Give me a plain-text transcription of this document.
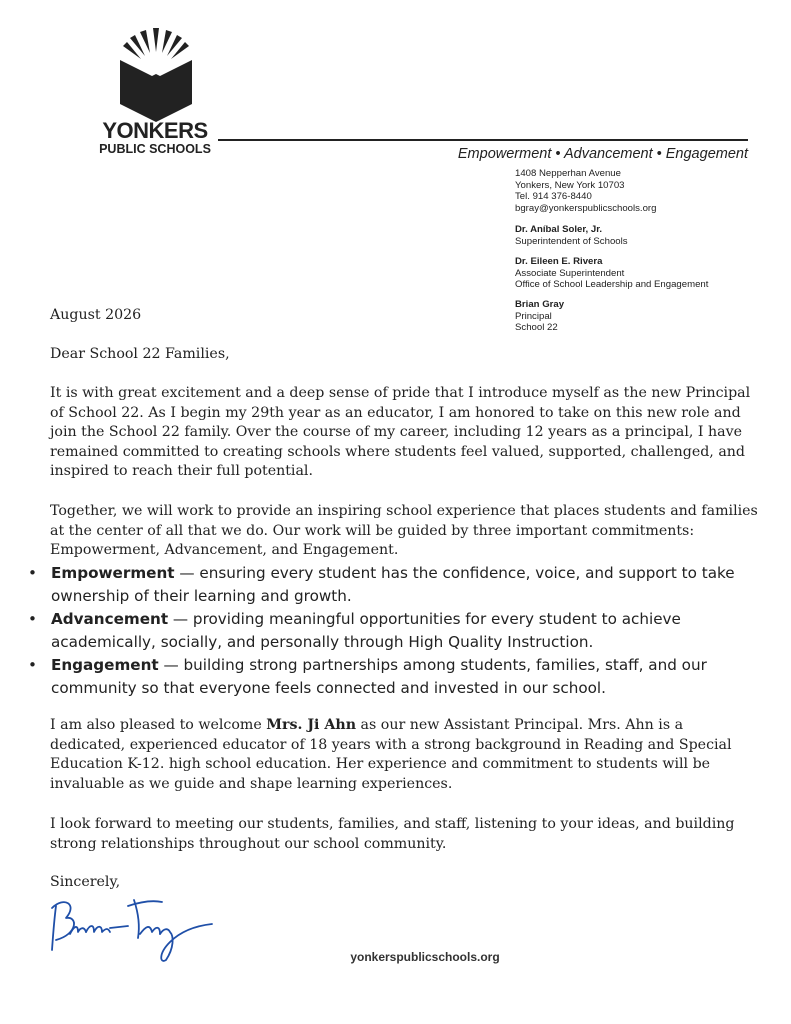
YONKERS
PUBLIC SCHOOLS	Empowerment • Advancement • Engagement
1408 Nepperhan Avenue
Yonkers, New York 10703
Tel. 914 376-8440
bgray@yonkerspublicschools.org
Dr. Aníbal Soler, Jr.
Superintendent of Schools
Dr. Eileen E. Rivera
Associate Superintendent
Office of School Leadership and Engagement
Brian Gray
Principal
School 22

August 2026

Dear School 22 Families,

It is with great excitement and a deep sense of pride that I introduce myself as the new Principal of School 22. As I begin my 29th year as an educator, I am honored to take on this new role and join the School 22 family. Over the course of my career, including 12 years as a principal, I have remained committed to creating schools where students feel valued, supported, challenged, and inspired to reach their full potential.

Together, we will work to provide an inspiring school experience that places students and families at the center of all that we do. Our work will be guided by three important commitments: Empowerment, Advancement, and Engagement.

• Empowerment — ensuring every student has the confidence, voice, and support to take ownership of their learning and growth.
• Advancement — providing meaningful opportunities for every student to achieve academically, socially, and personally through High Quality Instruction.
• Engagement — building strong partnerships among students, families, staff, and our community so that everyone feels connected and invested in our school.

I am also pleased to welcome Mrs. Ji Ahn as our new Assistant Principal. Mrs. Ahn is a dedicated, experienced educator of 18 years with a strong background in Reading and Special Education K-12. high school education. Her experience and commitment to students will be invaluable as we guide and shape learning experiences.

I look forward to meeting our students, families, and staff, listening to your ideas, and building strong relationships throughout our school community.

Sincerely,

yonkerspublicschools.org
